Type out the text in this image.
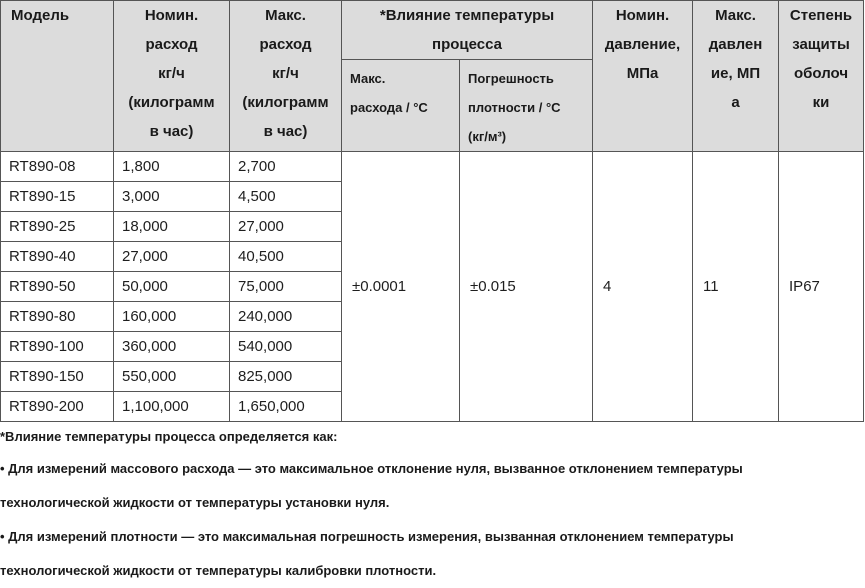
Модель	Номин.
расход
кг/ч
(килограмм
в час)	Макс.
расход
кг/ч
(килограмм
в час)	*Влияние температуры
процесса		Номин.
давление,
МПа	Макс.
давлен
ие, МП
а	Степень
защиты
оболоч
ки
			Макс.
расхода / °C	Погрешность
плотности / °C
(кг/м³)			
RT890-08	1,800	2,700	±0.0001	±0.015	4	11	IP67
RT890-15	3,000	4,500					
RT890-25	18,000	27,000					
RT890-40	27,000	40,500					
RT890-50	50,000	75,000					
RT890-80	160,000	240,000					
RT890-100	360,000	540,000					
RT890-150	550,000	825,000					
RT890-200	1,100,000	1,650,000					
*Влияние температуры процесса определяется как:
• Для измерений массового расхода — это максимальное отклонение нуля, вызванное отклонением температуры
технологической жидкости от температуры установки нуля.
• Для измерений плотности — это максимальная погрешность измерения, вызванная отклонением температуры
технологической жидкости от температуры калибровки плотности.
